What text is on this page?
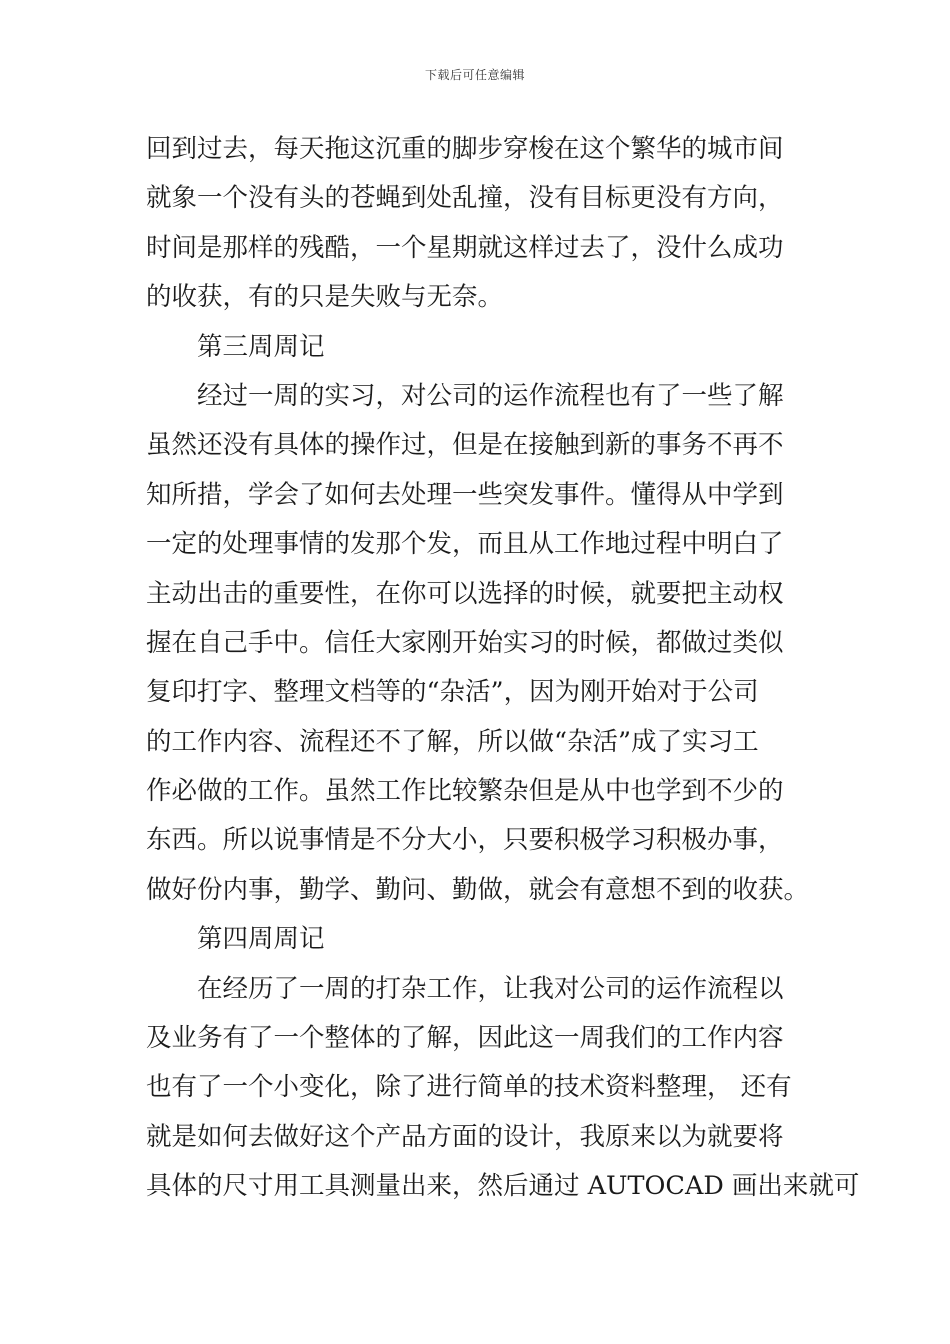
下载后可任意编辑
回到过去，每天拖这沉重的脚步穿梭在这个繁华的城市间
就象一个没有头的苍蝇到处乱撞，没有目标更没有方向，
时间是那样的残酷，一个星期就这样过去了，没什么成功
的收获，有的只是失败与无奈。
第三周周记
经过一周的实习，对公司的运作流程也有了一些了解
虽然还没有具体的操作过，但是在接触到新的事务不再不
知所措，学会了如何去处理一些突发事件。懂得从中学到
一定的处理事情的发那个发，而且从工作地过程中明白了
主动出击的重要性，在你可以选择的时候，就要把主动权
握在自己手中。信任大家刚开始实习的时候，都做过类似
复印打字、整理文档等的“杂活”，因为刚开始对于公司
的工作内容、流程还不了解，所以做“杂活”成了实习工
作必做的工作。虽然工作比较繁杂但是从中也学到不少的
东西。所以说事情是不分大小，只要积极学习积极办事，
做好份内事，勤学、勤问、勤做，就会有意想不到的收获。
第四周周记
在经历了一周的打杂工作，让我对公司的运作流程以
及业务有了一个整体的了解，因此这一周我们的工作内容
也有了一个小变化，除了进行简单的技术资料整理， 还有
就是如何去做好这个产品方面的设计，我原来以为就要将
具体的尺寸用工具测量出来，然后通过 AUTOCAD 画出来就可
